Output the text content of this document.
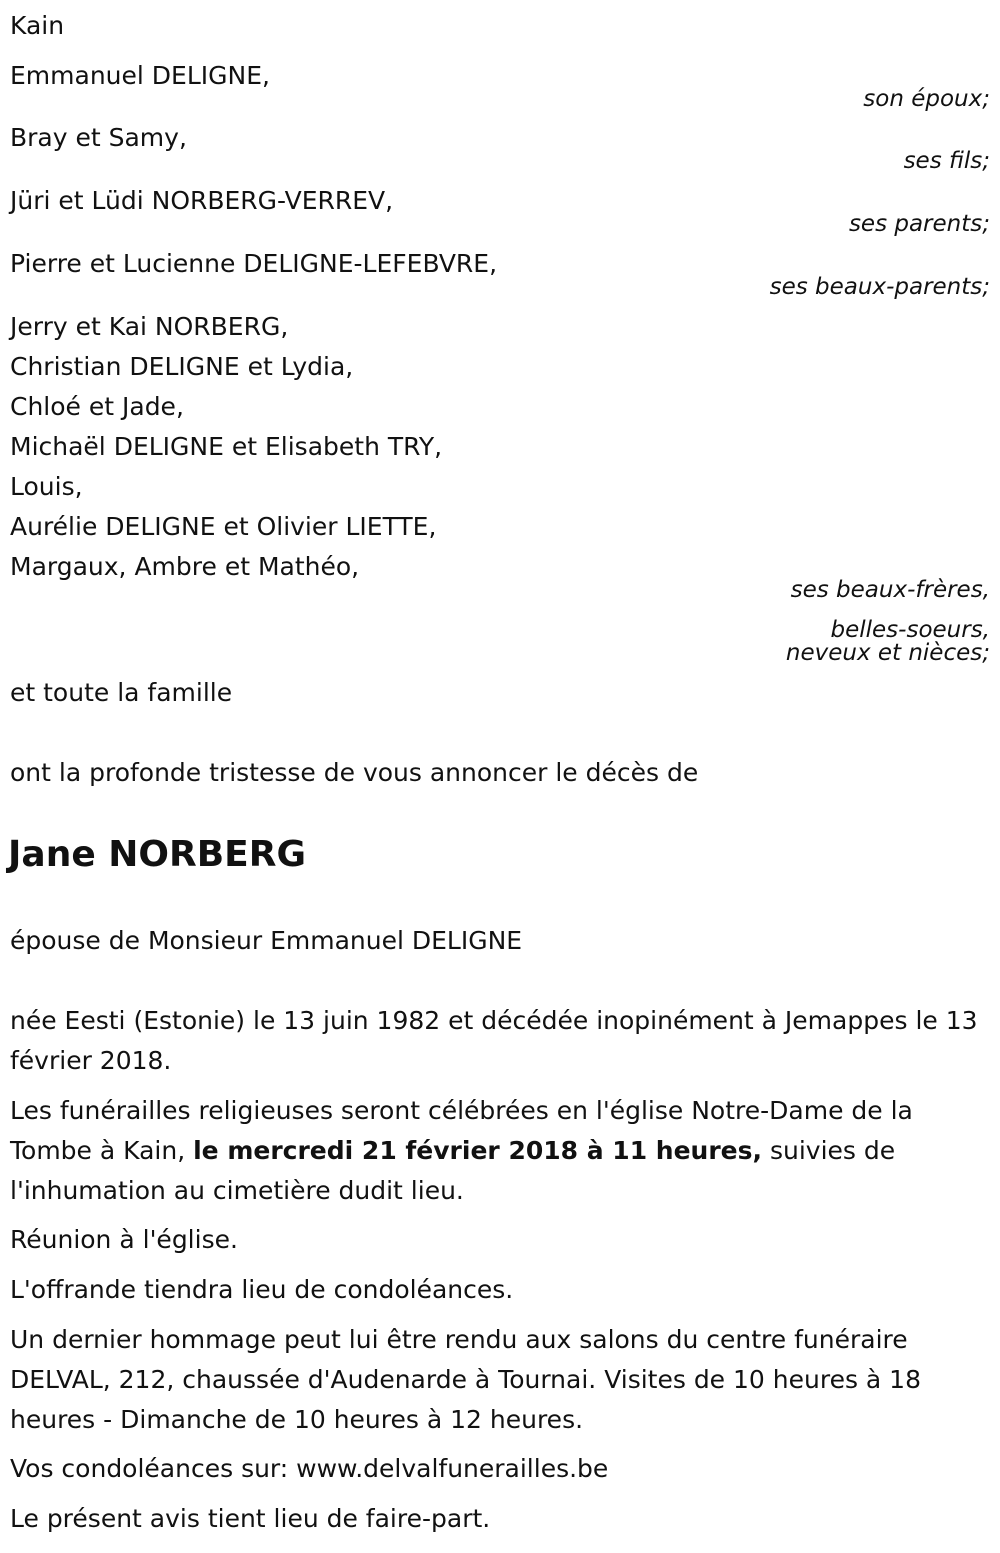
Kain
Emmanuel DELIGNE,
son époux;
Bray et Samy,
ses fils;
Jüri et Lüdi NORBERG-VERREV,
ses parents;
Pierre et Lucienne DELIGNE-LEFEBVRE,
ses beaux-parents;
Jerry et Kai NORBERG,
Christian DELIGNE et Lydia,
Chloé et Jade,
Michaël DELIGNE et Elisabeth TRY,
Louis,
Aurélie DELIGNE et Olivier LIETTE,
Margaux, Ambre et Mathéo,
ses beaux-frères,
belles-soeurs,
neveux et nièces;
et toute la famille
ont la profonde tristesse de vous annoncer le décès de
Jane NORBERG
épouse de Monsieur Emmanuel DELIGNE
née Eesti (Estonie) le 13 juin 1982 et décédée inopinément à Jemappes le 13 février 2018.
Les funérailles religieuses seront célébrées en l'église Notre-Dame de la Tombe à Kain, le mercredi 21 février 2018 à 11 heures, suivies de l'inhumation au cimetière dudit lieu.
Réunion à l'église.
L'offrande tiendra lieu de condoléances.
Un dernier hommage peut lui être rendu aux salons du centre funéraire DELVAL, 212, chaussée d'Audenarde à Tournai. Visites de 10 heures à 18 heures - Dimanche de 10 heures à 12 heures.
Vos condoléances sur: www.delvalfunerailles.be
Le présent avis tient lieu de faire-part.
